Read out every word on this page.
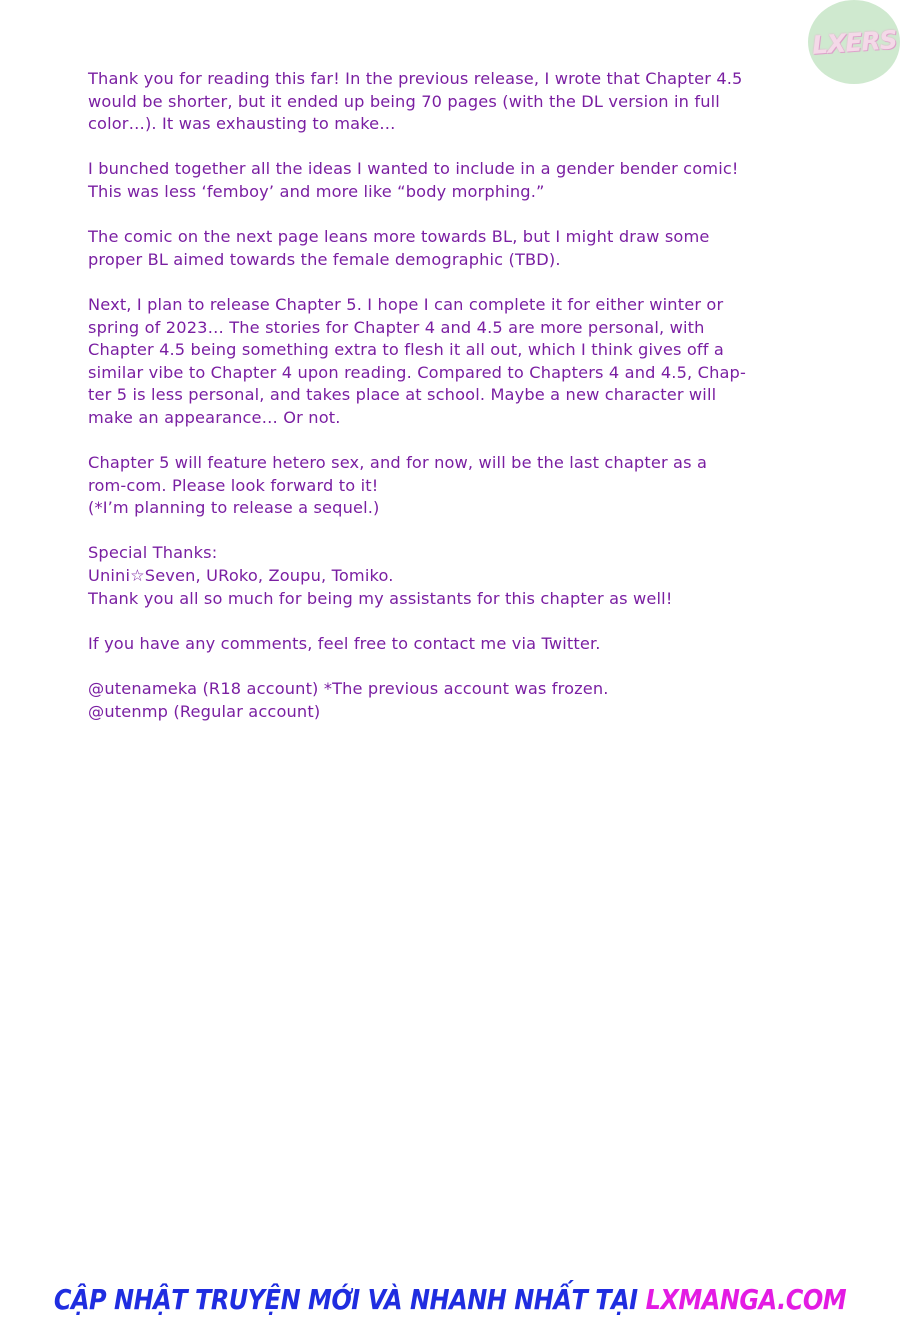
LXERS

Thank you for reading this far! In the previous release, I wrote that Chapter 4.5
would be shorter, but it ended up being 70 pages (with the DL version in full
color…). It was exhausting to make…

I bunched together all the ideas I wanted to include in a gender bender comic!
This was less ‘femboy’ and more like “body morphing.”

The comic on the next page leans more towards BL, but I might draw some
proper BL aimed towards the female demographic (TBD).

Next, I plan to release Chapter 5. I hope I can complete it for either winter or
spring of 2023… The stories for Chapter 4 and 4.5 are more personal, with
Chapter 4.5 being something extra to flesh it all out, which I think gives off a
similar vibe to Chapter 4 upon reading. Compared to Chapters 4 and 4.5, Chap-
ter 5 is less personal, and takes place at school. Maybe a new character will
make an appearance… Or not.

Chapter 5 will feature hetero sex, and for now, will be the last chapter as a
rom-com. Please look forward to it!
(*I’m planning to release a sequel.)

Special Thanks:
Unini☆Seven, URoko, Zoupu, Tomiko.
Thank you all so much for being my assistants for this chapter as well!

If you have any comments, feel free to contact me via Twitter.

@utenameka (R18 account) *The previous account was frozen.
@utenmp (Regular account)

CẬP NHẬT TRUYỆN MỚI VÀ NHANH NHẤT TẠI LXMANGA.COM
